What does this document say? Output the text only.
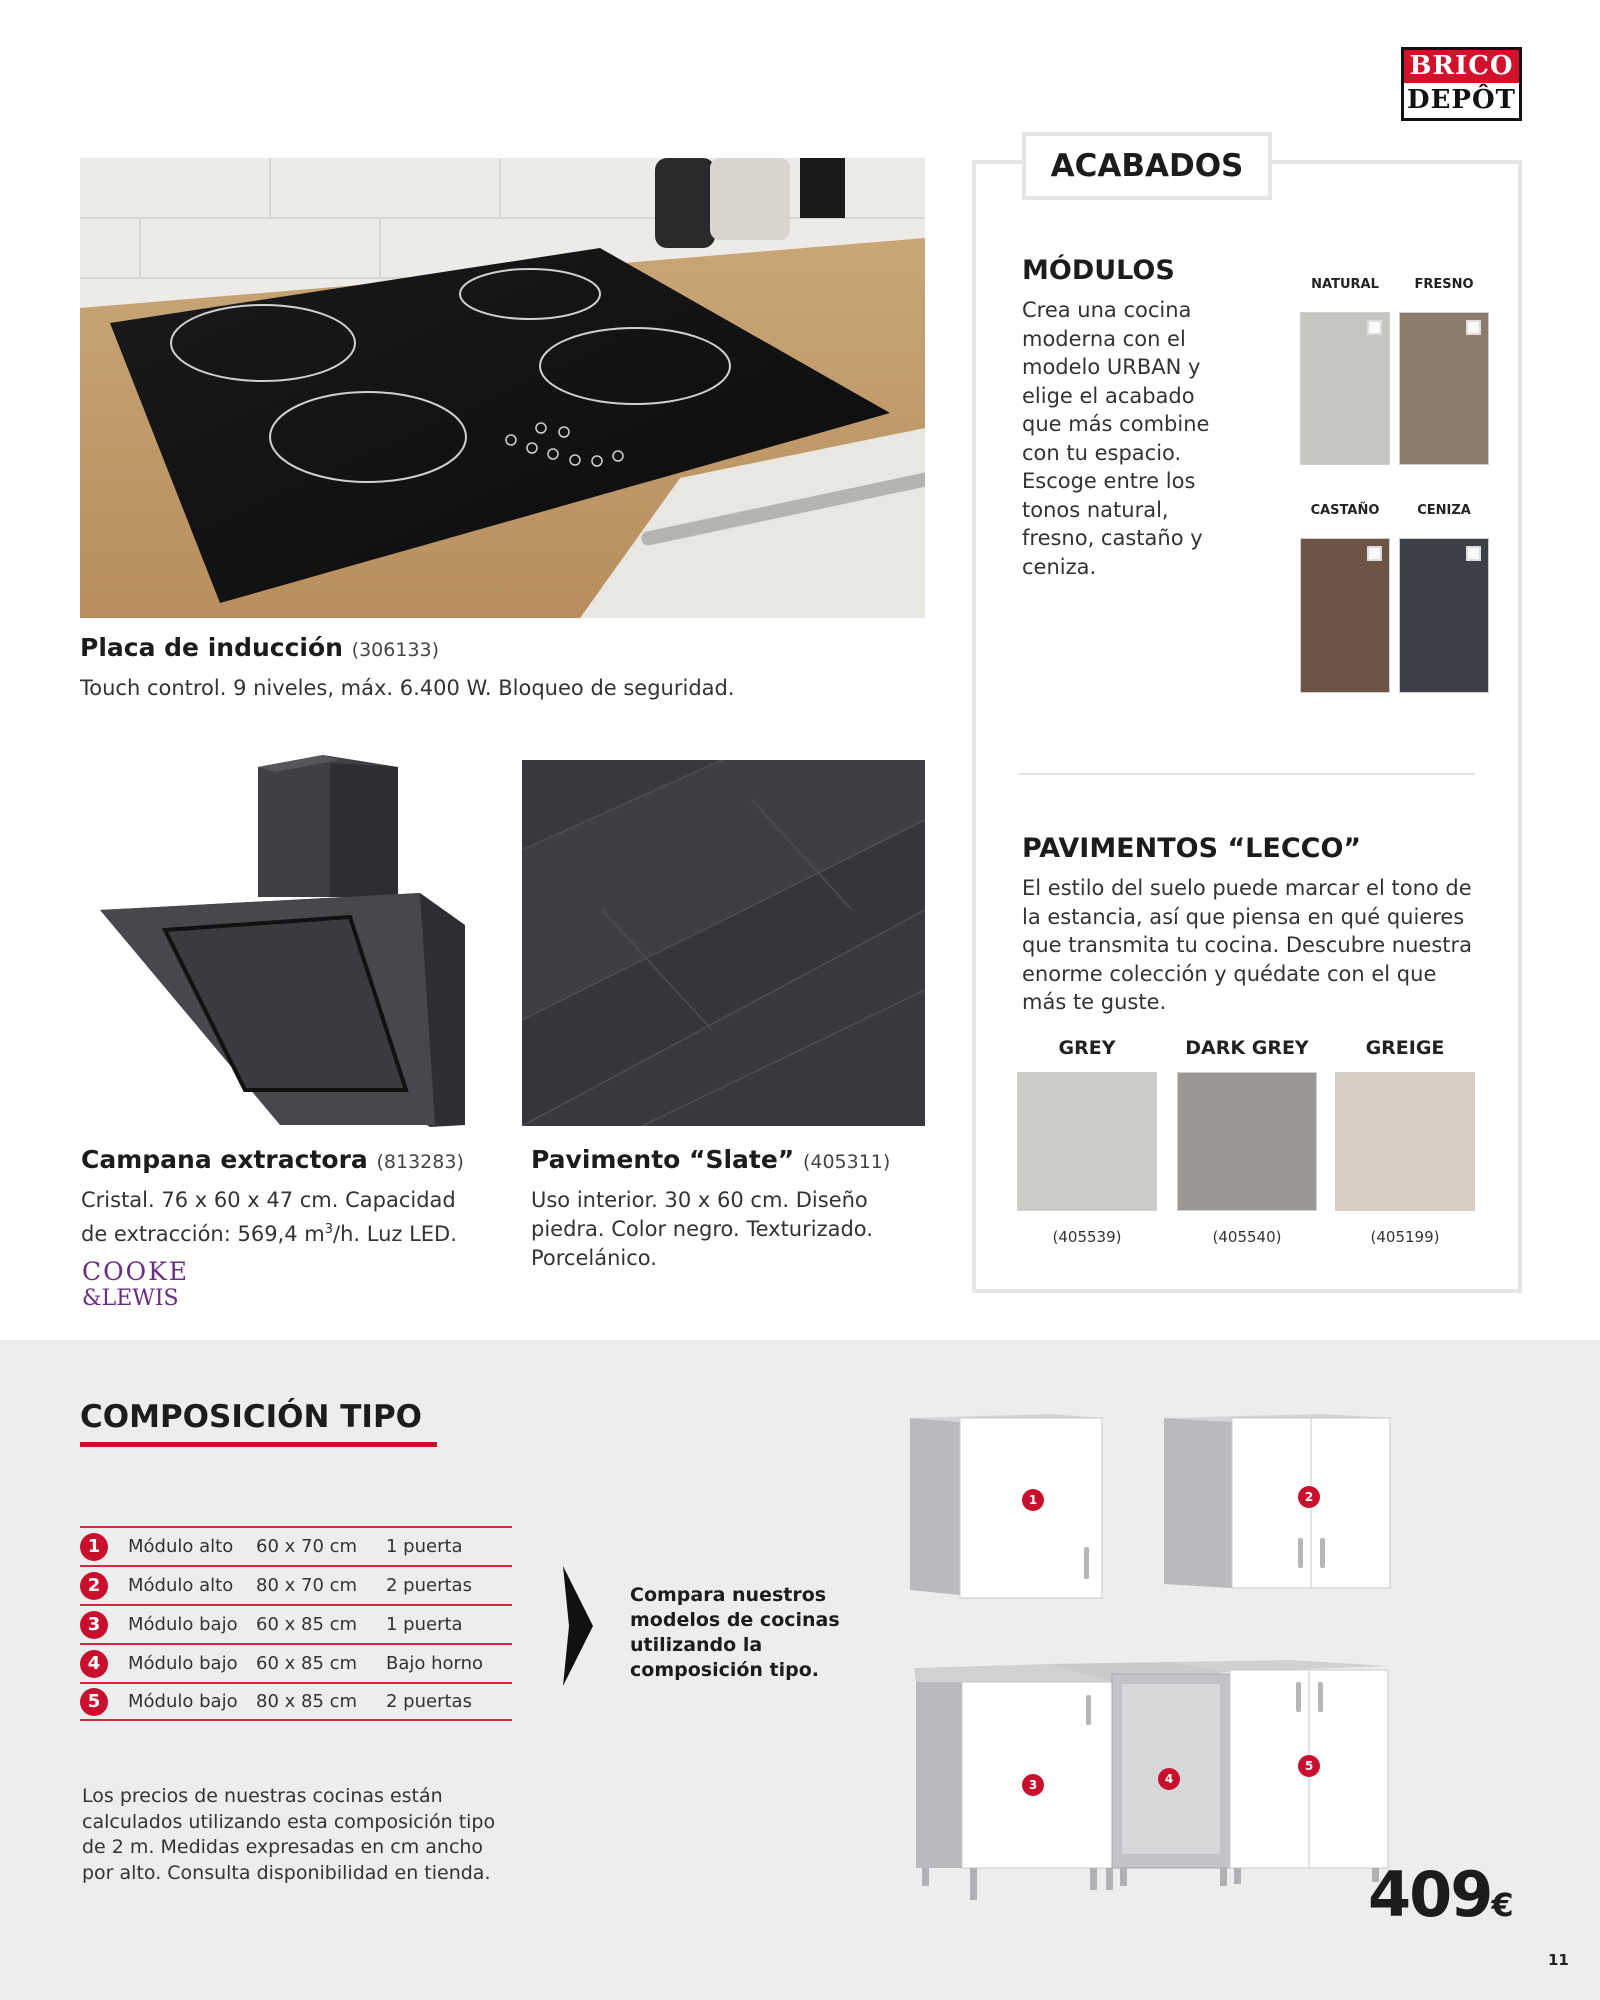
BRICO
DEPÔT
Placa de inducción (306133)
Touch control. 9 niveles, máx. 6.400 W. Bloqueo de seguridad.
Campana extractora (813283)
Cristal. 76 x 60 x 47 cm. Capacidad
de extracción: 569,4 $m^3/h$. Luz LED.
COOKE
&LEWIS
Pavimento “Slate” (405311)
Uso interior. 30 x 60 cm. Diseño piedra. Color negro. Texturizado. Porcelánico.
ACABADOS
MÓDULOS
Crea una cocina moderna con el modelo URBAN y elige el acabado que más combine con tu espacio. Escoge entre los tonos natural, fresno, castaño y ceniza.
NATURAL	FRESNO
CASTAÑO	CENIZA
PAVIMENTOS “LECCO”
El estilo del suelo puede marcar el tono de la estancia, así que piensa en qué quieres que transmita tu cocina. Descubre nuestra enorme colección y quédate con el que más te guste.
GREY	DARK GREY	GREIGE
(405539)	(405540)	(405199)
COMPOSICIÓN TIPO
1	Módulo alto	60 x 70 cm	1 puerta
2	Módulo alto	80 x 70 cm	2 puertas
3	Módulo bajo	60 x 85 cm	1 puerta
4	Módulo bajo	60 x 85 cm	Bajo horno
5	Módulo bajo	80 x 85 cm	2 puertas
Compara nuestros modelos de cocinas utilizando la composición tipo.
Los precios de nuestras cocinas están calculados utilizando esta composición tipo de 2 m. Medidas expresadas en cm ancho por alto. Consulta disponibilidad en tienda.
1	2
3	4
5
409€
11
